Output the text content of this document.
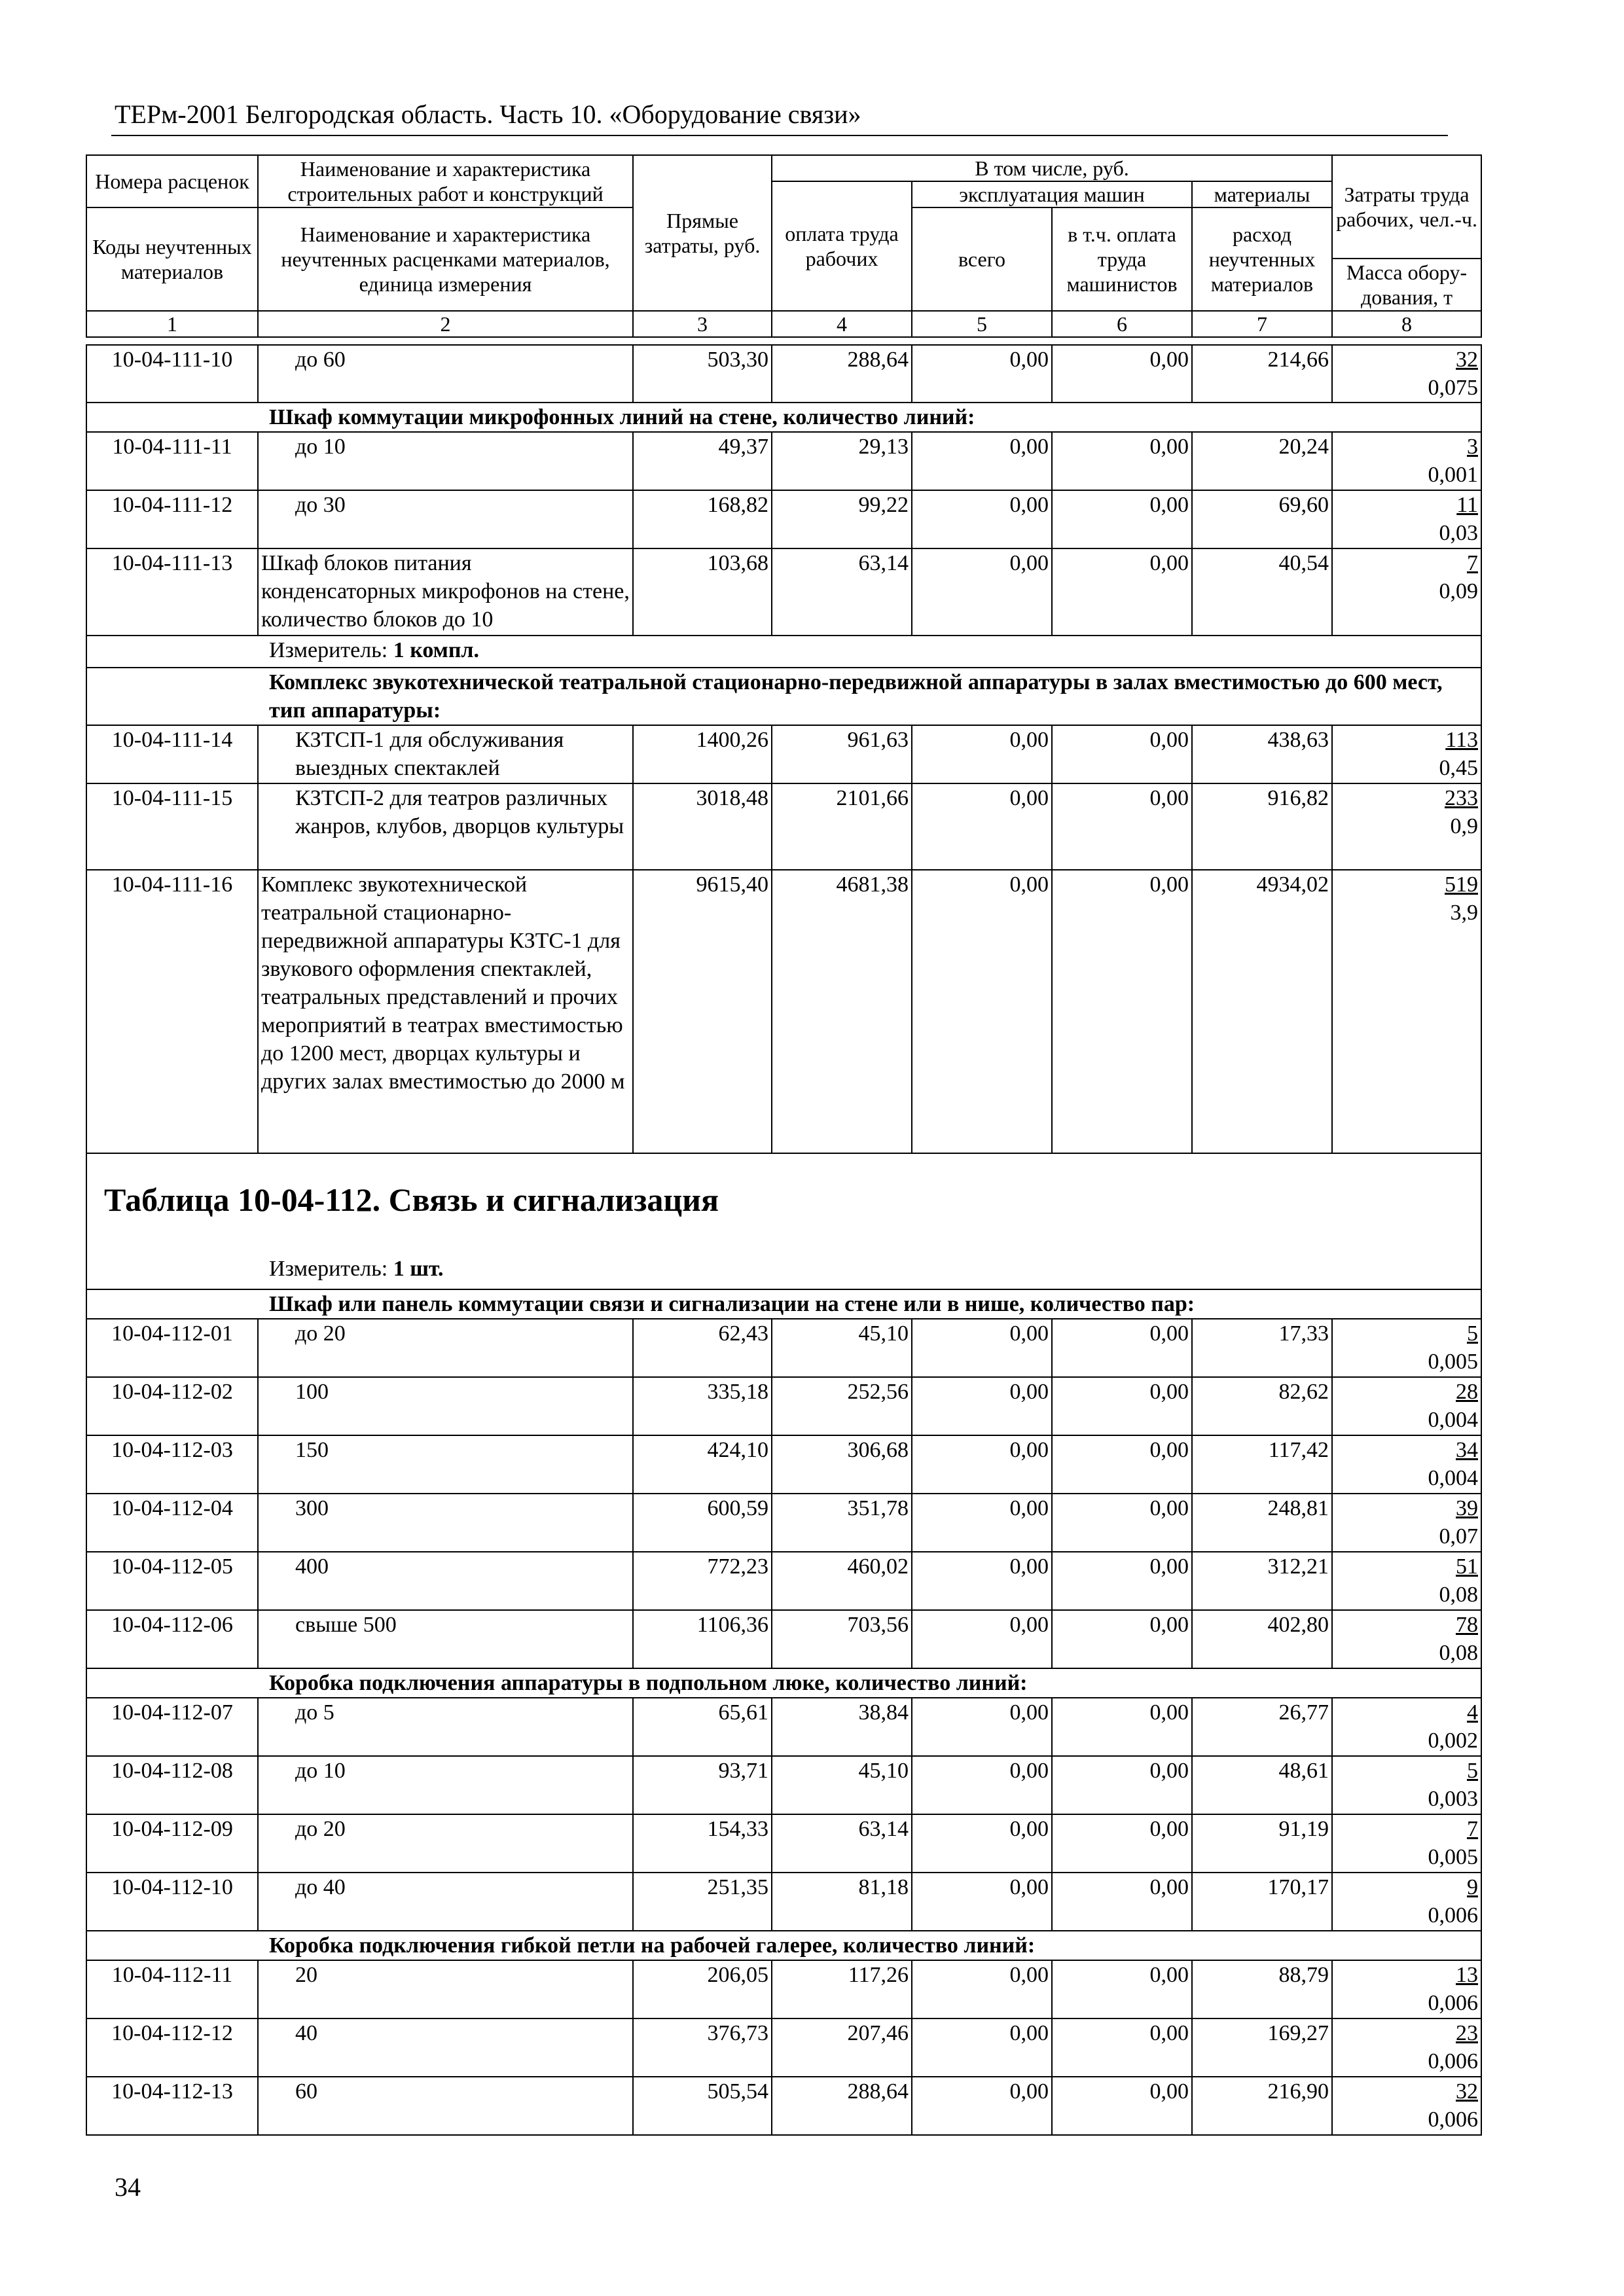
ТЕРм-2001 Белгородская область. Часть 10. «Оборудование связи»
Номера расценок	Наименование и характеристика строительных работ и конструкций	Прямые затраты, руб.	В том числе, руб.				Затраты труда рабочих, чел.-ч.
			оплата труда рабочих	эксплуатация машин		материалы	
Коды неучтенных материалов	Наименование и характеристика неучтенных расценками материалов, единица измерения			всего	в т.ч. оплата труда машинистов	расход неучтенных материалов	
							Масса обору-дования, т
1	2	3	4	5	6	7	8
10-04-111-10	до 60	503,30	288,64	0,00	0,00	214,66	32
0,075

Шкаф коммутации микрофонных линий на стене, количество линий:							
10-04-111-11	до 10	49,37	29,13	0,00	0,00	20,24	3
0,001

10-04-111-12	до 30	168,82	99,22	0,00	0,00	69,60	11
0,03

10-04-111-13	Шкаф блоков питания конденсаторных микрофонов на стене, количество блоков до 10	103,68	63,14	0,00	0,00	40,54	7
0,09

Измеритель: 1 компл.							
Комплекс звукотехнической театральной стационарно-передвижной аппаратуры в залах вместимостью до 600 мест, тип аппаратуры:							
10-04-111-14	КЗТСП-1 для обслуживания выездных спектаклей	1400,26	961,63	0,00	0,00	438,63	113
0,45

10-04-111-15	КЗТСП-2 для театров различных жанров, клубов, дворцов культуры	3018,48	2101,66	0,00	0,00	916,82	233
0,9

10-04-111-16	Комплекс звукотехнической театральной стационарно-передвижной аппаратуры КЗТС-1 для звукового оформления спектаклей, театральных представлений и прочих мероприятий в театрах вместимостью до 1200 мест, дворцах культуры и других залах вместимостью до 2000 м	9615,40	4681,38	0,00	0,00	4934,02	519
3,9

Таблица 10-04-112. Связь и сигнализация							
Измеритель: 1 шт.							
Шкаф или панель коммутации связи и сигнализации на стене или в нише, количество пар:							
10-04-112-01	до 20	62,43	45,10	0,00	0,00	17,33	5
0,005

10-04-112-02	100	335,18	252,56	0,00	0,00	82,62	28
0,004

10-04-112-03	150	424,10	306,68	0,00	0,00	117,42	34
0,004

10-04-112-04	300	600,59	351,78	0,00	0,00	248,81	39
0,07

10-04-112-05	400	772,23	460,02	0,00	0,00	312,21	51
0,08

10-04-112-06	свыше 500	1106,36	703,56	0,00	0,00	402,80	78
0,08

Коробка подключения аппаратуры в подпольном люке, количество линий:							
10-04-112-07	до 5	65,61	38,84	0,00	0,00	26,77	4
0,002

10-04-112-08	до 10	93,71	45,10	0,00	0,00	48,61	5
0,003

10-04-112-09	до 20	154,33	63,14	0,00	0,00	91,19	7
0,005

10-04-112-10	до 40	251,35	81,18	0,00	0,00	170,17	9
0,006

Коробка подключения гибкой петли на рабочей галерее, количество линий:							
10-04-112-11	20	206,05	117,26	0,00	0,00	88,79	13
0,006

10-04-112-12	40	376,73	207,46	0,00	0,00	169,27	23
0,006

10-04-112-13	60	505,54	288,64	0,00	0,00	216,90	32
0,006
34
